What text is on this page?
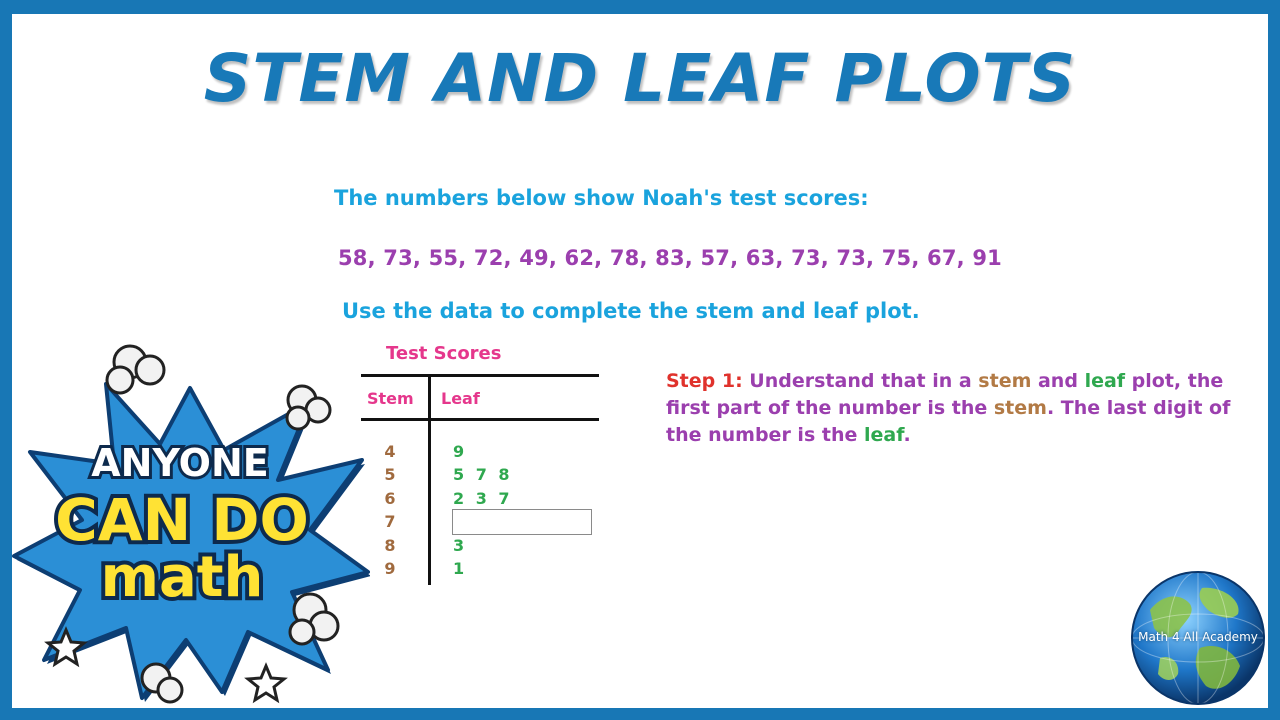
STEM AND LEAF PLOTS
The numbers below show Noah's test scores:
58, 73, 55, 72, 49, 62, 78, 83, 57, 63, 73, 73, 75, 67, 91
Use the data to complete the stem and leaf plot.
Test Scores
Stem Leaf
4	9
5	5 7 8
6	2 3 7
7
8	3
9	1
Step 1: Understand that in a stem and leaf plot, the first part of the number is the stem. The last digit of the number is the leaf.
ANYONE
CAN DO
math
Math 4 All Academy
